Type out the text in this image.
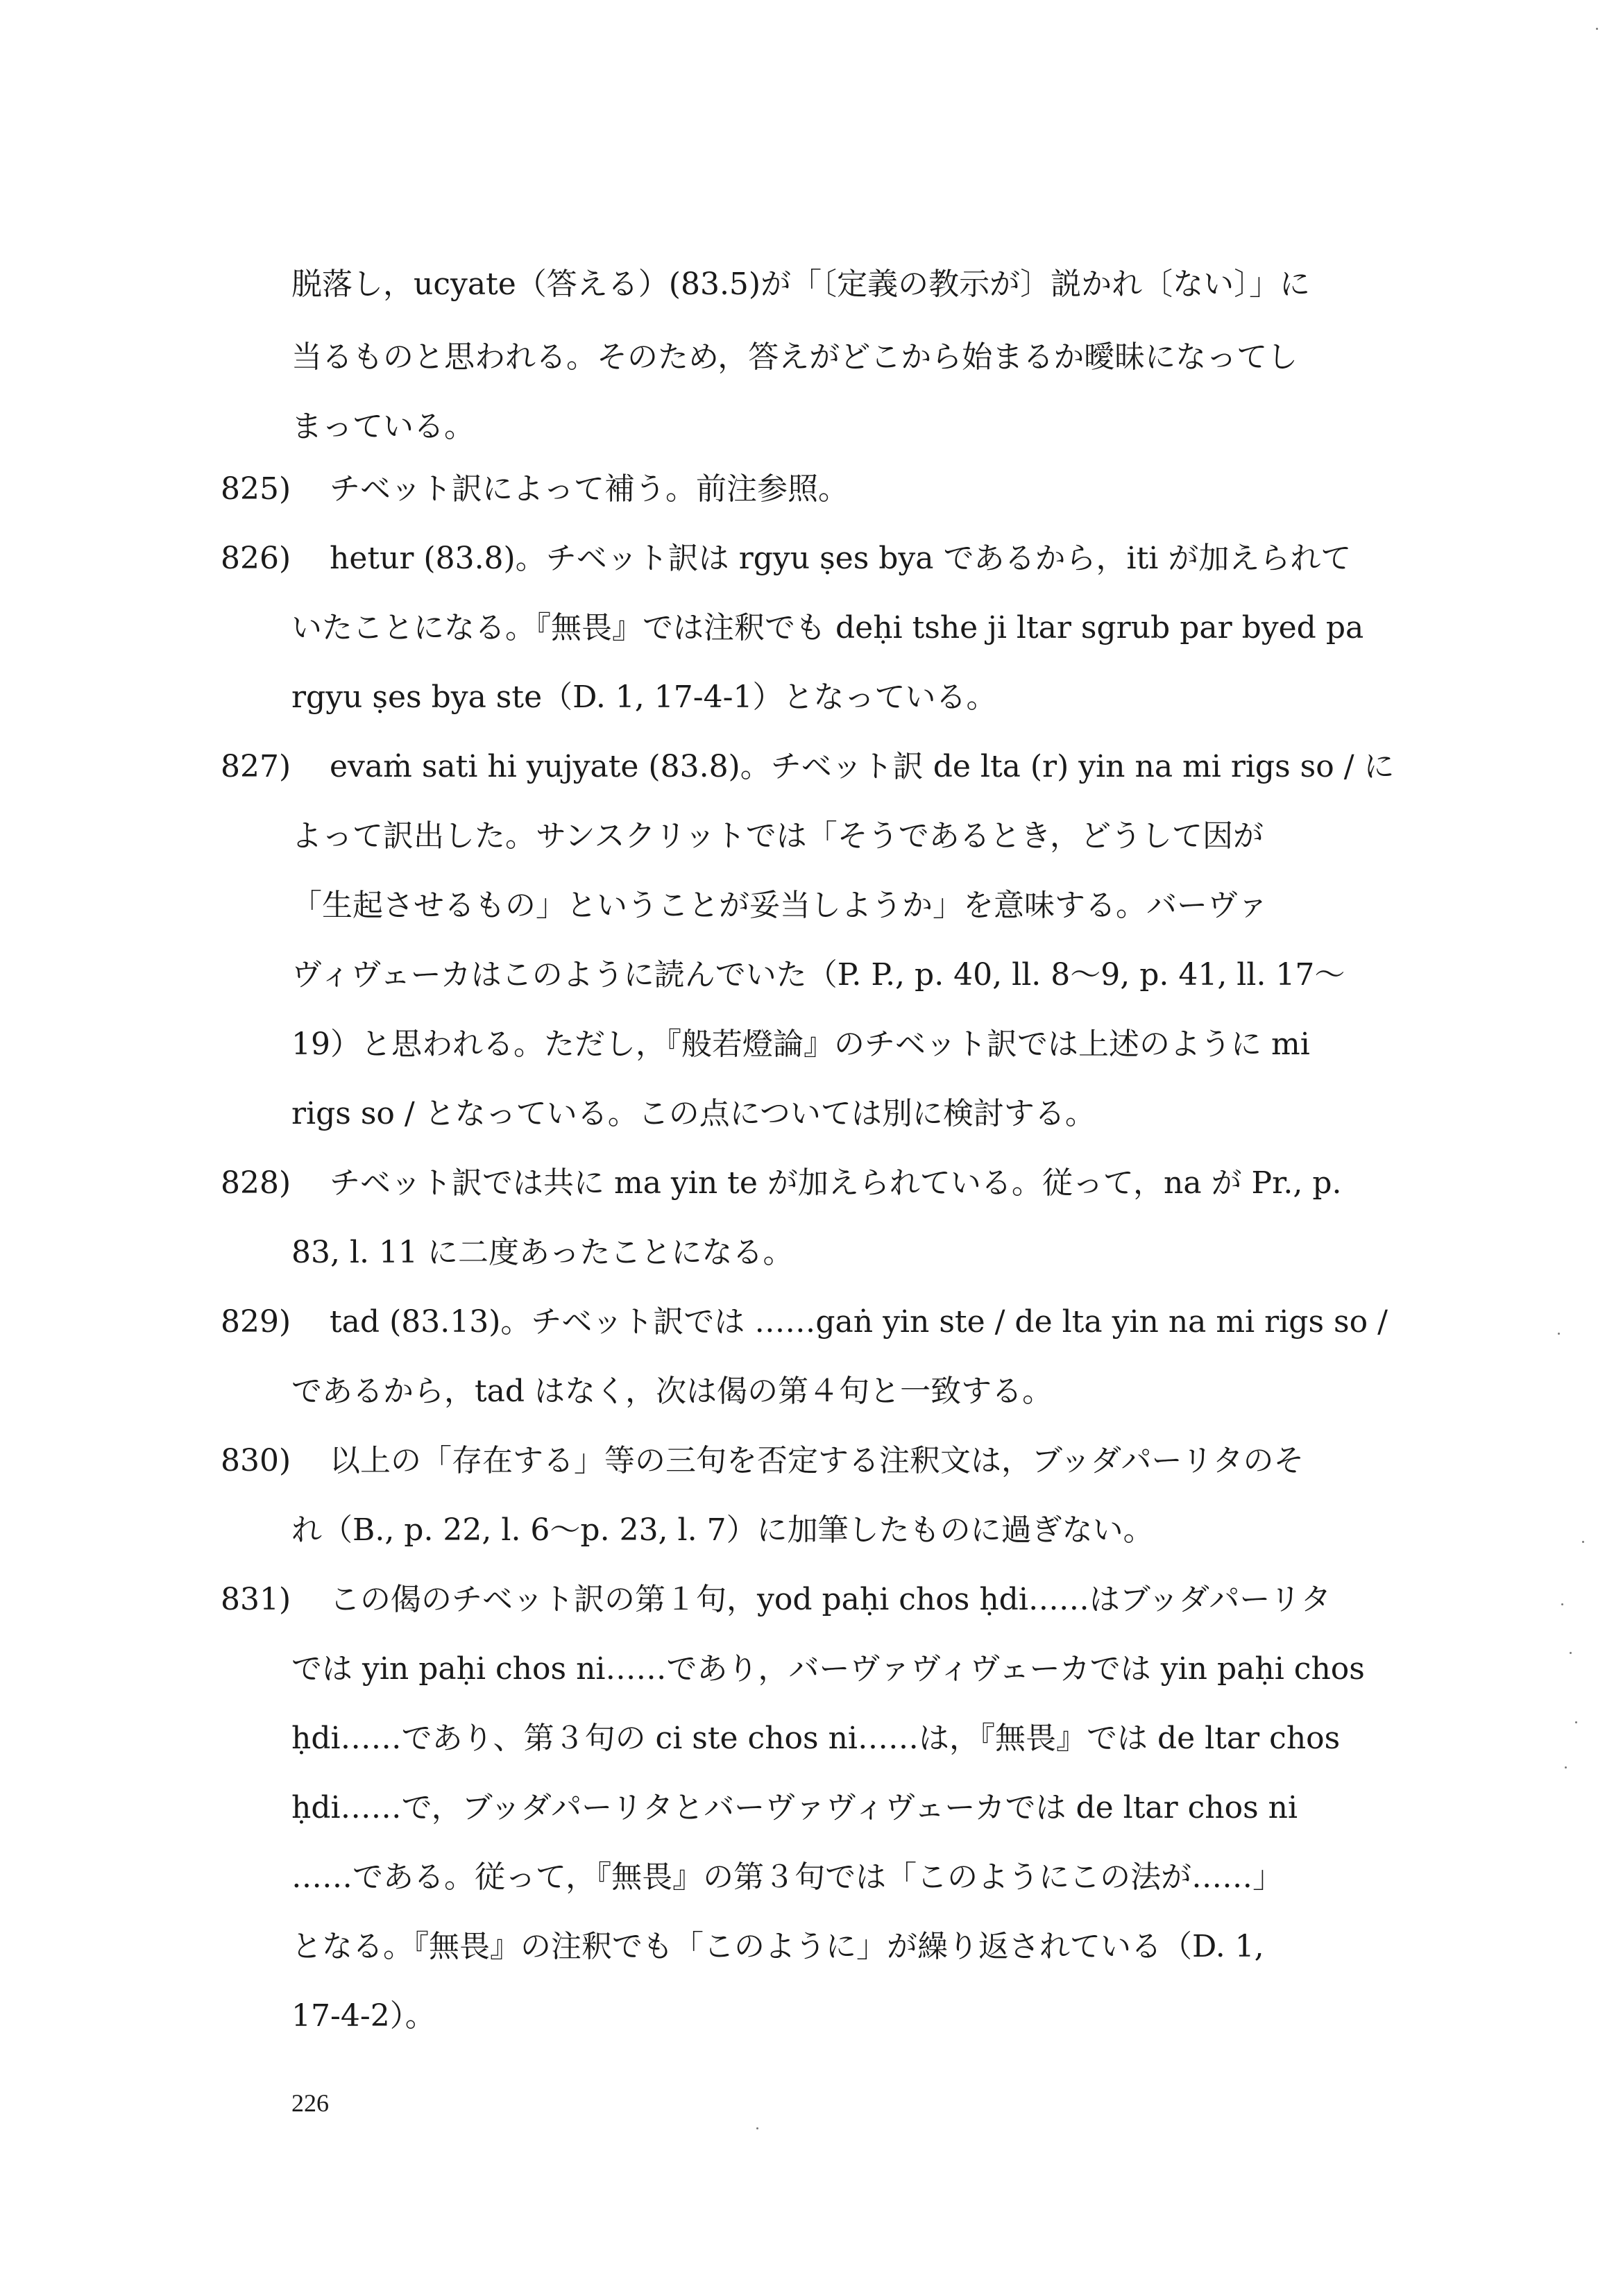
脱落し，ucyate（答える）(83.5)が「〔定義の教示が〕説かれ〔ない〕」に
当るものと思われる。そのため，答えがどこから始まるか曖昧になってし
まっている。
825) チベット訳によって補う。前注参照。
826) hetur (83.8)。チベット訳は rgyu ṣes bya であるから，iti が加えられて
いたことになる。『無畏』では注釈でも deḥi tshe ji ltar sgrub par byed pa
rgyu ṣes bya ste（D. 1, 17-4-1）となっている。
827) evaṁ sati hi yujyate (83.8)。チベット訳 de lta (r) yin na mi rigs so / に
よって訳出した。サンスクリットでは「そうであるとき，どうして因が
「生起させるもの」ということが妥当しようか」を意味する。バーヴァ
ヴィヴェーカはこのように読んでいた（P. P., p. 40, ll. 8〜9, p. 41, ll. 17〜
19）と思われる。ただし，『般若燈論』のチベット訳では上述のように mi
rigs so / となっている。この点については別に検討する。
828) チベット訳では共に ma yin te が加えられている。従って，na が Pr., p.
83, l. 11 に二度あったことになる。
829) tad (83.13)。チベット訳では ……gaṅ yin ste / de lta yin na mi rigs so /
であるから，tad はなく，次は偈の第４句と一致する。
830) 以上の「存在する」等の三句を否定する注釈文は，ブッダパーリタのそ
れ（B., p. 22, l. 6〜p. 23, l. 7）に加筆したものに過ぎない。
831) この偈のチベット訳の第１句，yod paḥi chos ḥdi……はブッダパーリタ
では yin paḥi chos ni……であり，バーヴァヴィヴェーカでは yin paḥi chos
ḥdi……であり、第３句の ci ste chos ni……は，『無畏』では de ltar chos
ḥdi……で，ブッダパーリタとバーヴァヴィヴェーカでは de ltar chos ni
……である。従って，『無畏』の第３句では「このようにこの法が……」
となる。『無畏』の注釈でも「このように」が繰り返されている（D. 1,
17-4-2）。
226
